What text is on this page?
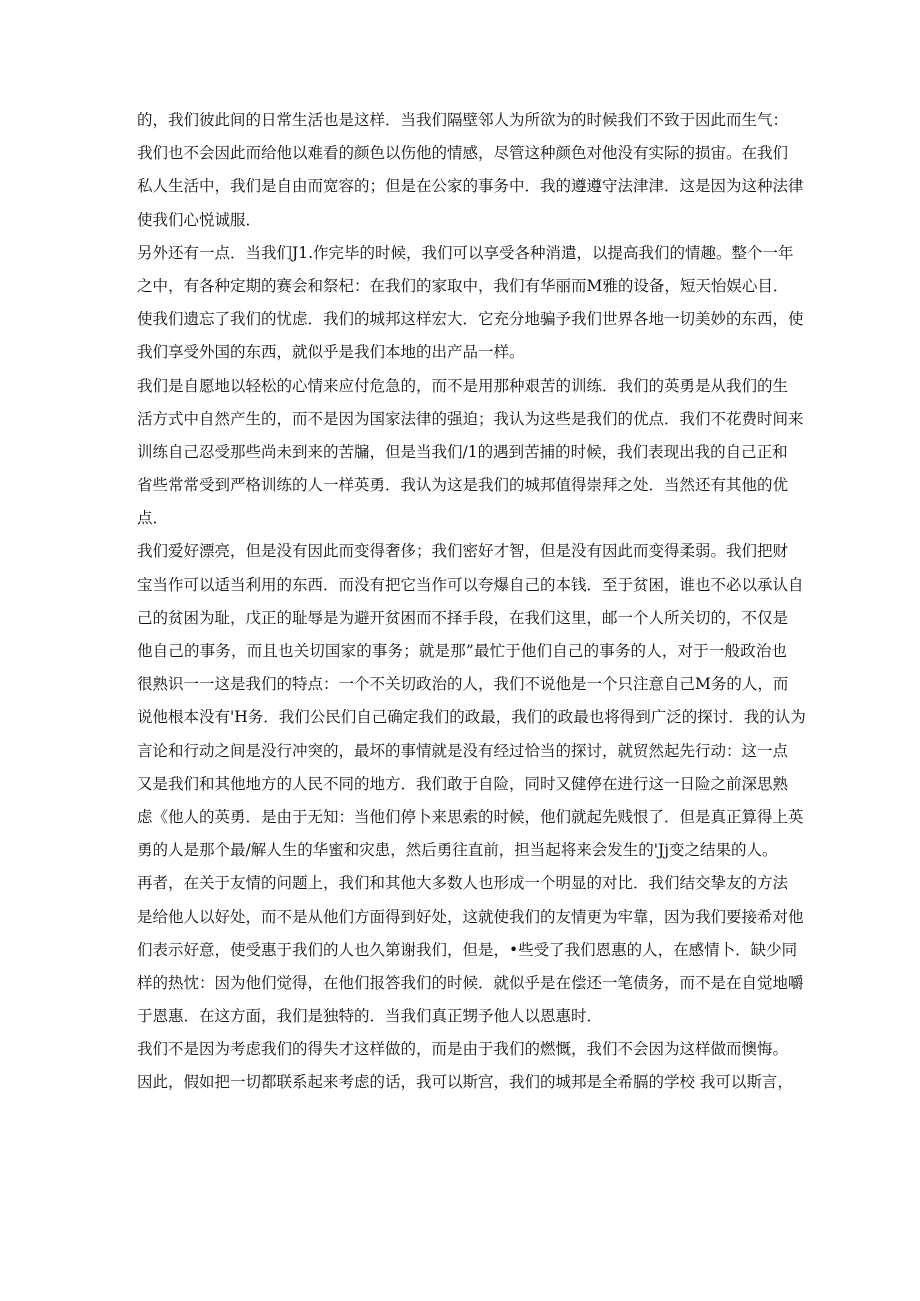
的，我们彼此间的日常生活也是这样．当我们隔壁邻人为所欲为的时候我们不致于因此而生气：
我们也不会因此而给他以难看的颜色以伤他的情感，尽管这种颜色对他没有实际的损宙。在我们
私人生活中，我们是自由而宽容的；但是在公家的事务中．我的遵遵守法津津．这是因为这种法律
使我们心悦诚服．
另外还有一点．当我们J1.作完毕的时候，我们可以享受各种消遣，以提高我们的情趣。整个一年
之中，有各种定期的赛会和祭杞：在我们的家取中，我们有华丽而M雅的设备，短天怡娱心目．
使我们遗忘了我们的忧虑．我们的城邦这样宏大．它充分地骗予我们世界各地一切美妙的东西，使
我们享受外国的东西，就似乎是我们本地的出产品一样。
我们是自愿地以轻松的心情来应付危急的，而不是用那种艰苦的训练．我们的英勇是从我们的生
活方式中自然产生的，而不是因为国家法律的强迫；我认为这些是我们的优点．我们不花费时间来
训练自己忍受那些尚未到来的苦牖，但是当我们/1的遇到苦捕的时候，我们表现出我的自己正和
省些常常受到严格训练的人一样英勇．我认为这是我们的城邦值得崇拜之处．当然还有其他的优
点．
我们爱好漂亮，但是没有因此而变得奢侈；我们密好才智，但是没有因此而变得柔弱。我们把财
宝当作可以适当利用的东西．而没有把它当作可以夸爆自己的本钱．至于贫困，谁也不必以承认自
己的贫困为耻，戊正的耻辱是为避开贫困而不择手段，在我们这里，邮一个人所关切的，不仅是
他自己的事务，而且也关切国家的事务；就是那”最忙于他们自己的事务的人，对于一般政治也
很熟识一一这是我们的特点：一个不关切政治的人，我们不说他是一个只注意自己M务的人，而
说他根本没有'H务．我们公民们自己确定我们的政最，我们的政最也将得到广泛的探讨．我的认为
言论和行动之间是没行冲突的，最坏的事情就是没有经过恰当的探讨，就贸然起先行动：这一点
又是我们和其他地方的人民不同的地方．我们敢于自险，同时又健停在进行这一日险之前深思熟
虑《他人的英勇．是由于无知：当他们停卜来思索的时候，他们就起先贱恨了．但是真正算得上英
勇的人是那个最/解人生的华蜜和灾患，然后勇往直前，担当起将来会发生的'Jj变之结果的人。
再者，在关于友情的问题上，我们和其他大多数人也形成一个明显的对比．我们结交挚友的方法
是给他人以好处，而不是从他们方面得到好处，这就使我们的友情更为牢靠，因为我们要接希对他
们表示好意，使受惠于我们的人也久第谢我们，但是，•些受了我们恩惠的人，在感情卜．缺少同
样的热忱：因为他们觉得，在他们报答我们的时候．就似乎是在偿还一笔债务，而不是在自觉地嚼
于恩惠．在这方面，我们是独特的．当我们真正甥予他人以恩惠时．
我们不是因为考虑我们的得失才这样做的，而是由于我们的燃慨，我们不会因为这样做而懊悔。
因此，假如把一切都联系起来考虑的话，我可以斯宫，我们的城邦是全希膈的学校 我可以斯言，
